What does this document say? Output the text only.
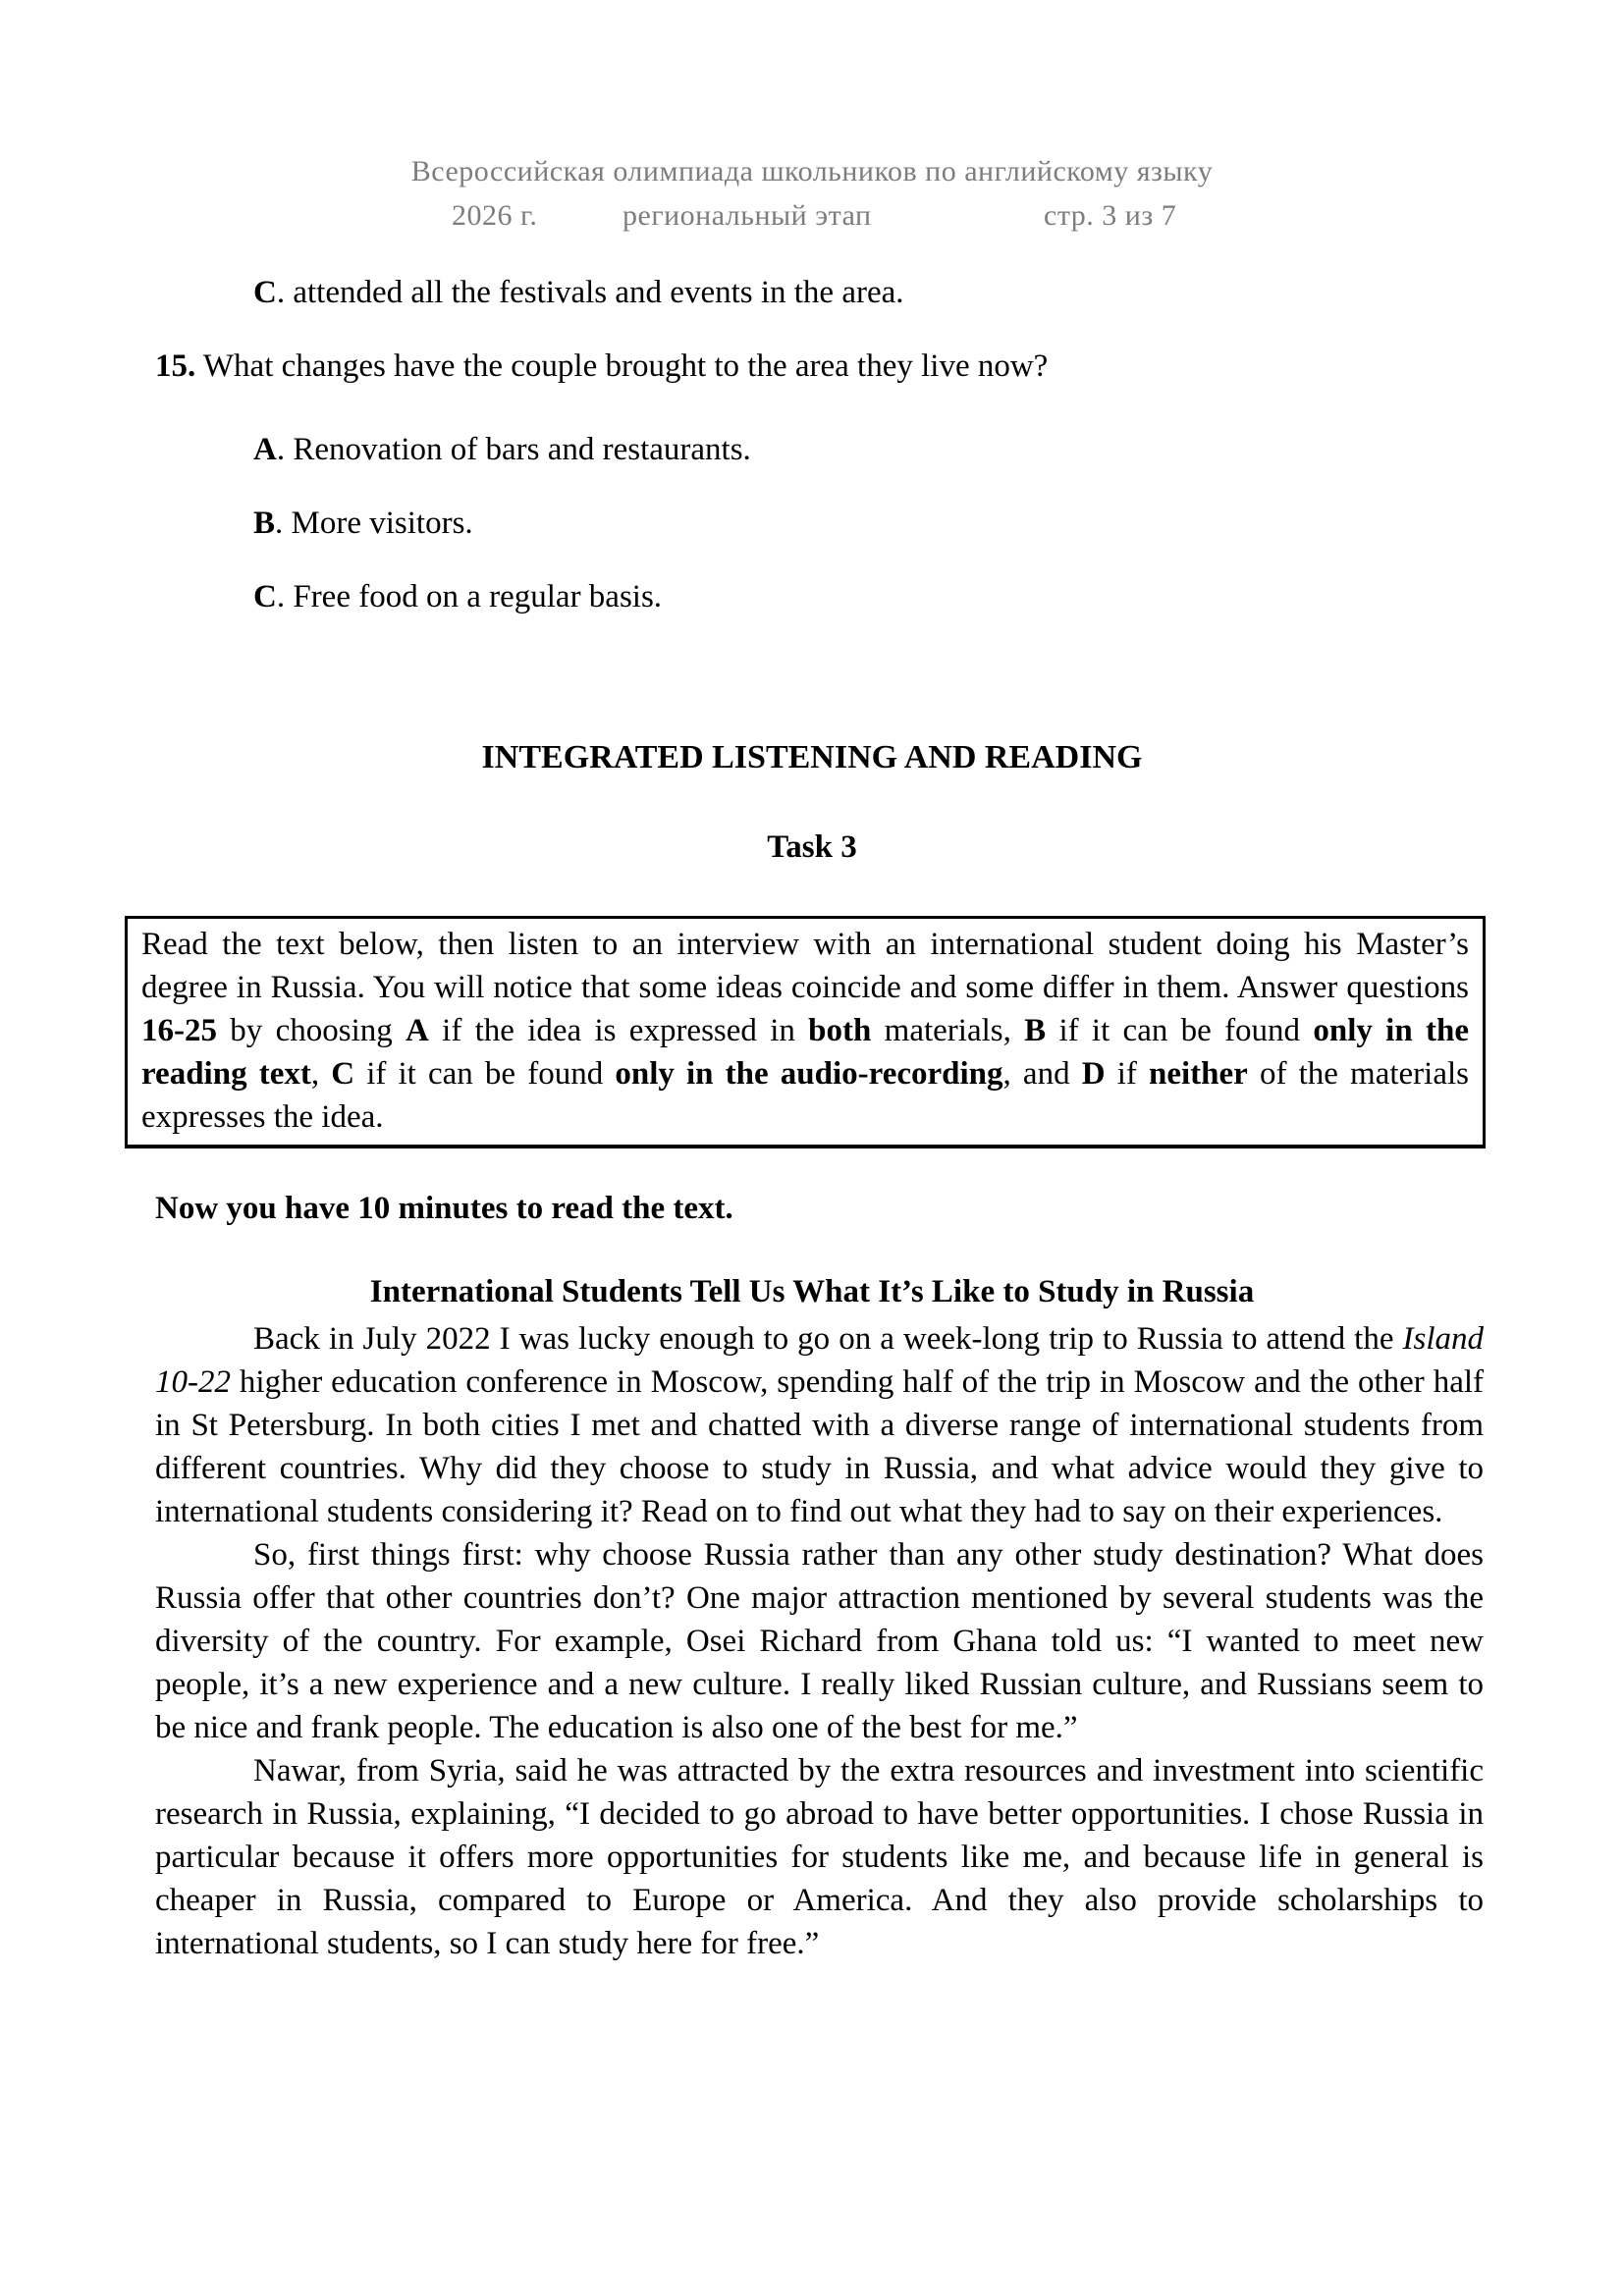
Всероссийская олимпиада школьников по английскому языку
2026 г.	региональный этап	стр. 3 из 7
C. attended all the festivals and events in the area.
15. What changes have the couple brought to the area they live now?
A. Renovation of bars and restaurants.
B. More visitors.
C. Free food on a regular basis.
INTEGRATED LISTENING AND READING
Task 3
Read the text below, then listen to an interview with an international student doing his Master’s degree in Russia. You will notice that some ideas coincide and some differ in them. Answer questions 16-25 by choosing A if the idea is expressed in both materials, B if it can be found only in the reading text, C if it can be found only in the audio-recording, and D if neither of the materials expresses the idea.
Now you have 10 minutes to read the text.
International Students Tell Us What It’s Like to Study in Russia

Back in July 2022 I was lucky enough to go on a week-long trip to Russia to attend the Island 10-22 higher education conference in Moscow, spending half of the trip in Moscow and the other half in St Petersburg. In both cities I met and chatted with a diverse range of international students from different countries. Why did they choose to study in Russia, and what advice would they give to international students considering it? Read on to find out what they had to say on their experiences.

So, first things first: why choose Russia rather than any other study destination? What does Russia offer that other countries don’t? One major attraction mentioned by several students was the diversity of the country. For example, Osei Richard from Ghana told us: “I wanted to meet new people, it’s a new experience and a new culture. I really liked Russian culture, and Russians seem to be nice and frank people. The education is also one of the best for me.”

Nawar, from Syria, said he was attracted by the extra resources and investment into scientific research in Russia, explaining, “I decided to go abroad to have better opportunities. I chose Russia in particular because it offers more opportunities for students like me, and because life in general is cheaper in Russia, compared to Europe or America. And they also provide scholarships to international students, so I can study here for free.”
